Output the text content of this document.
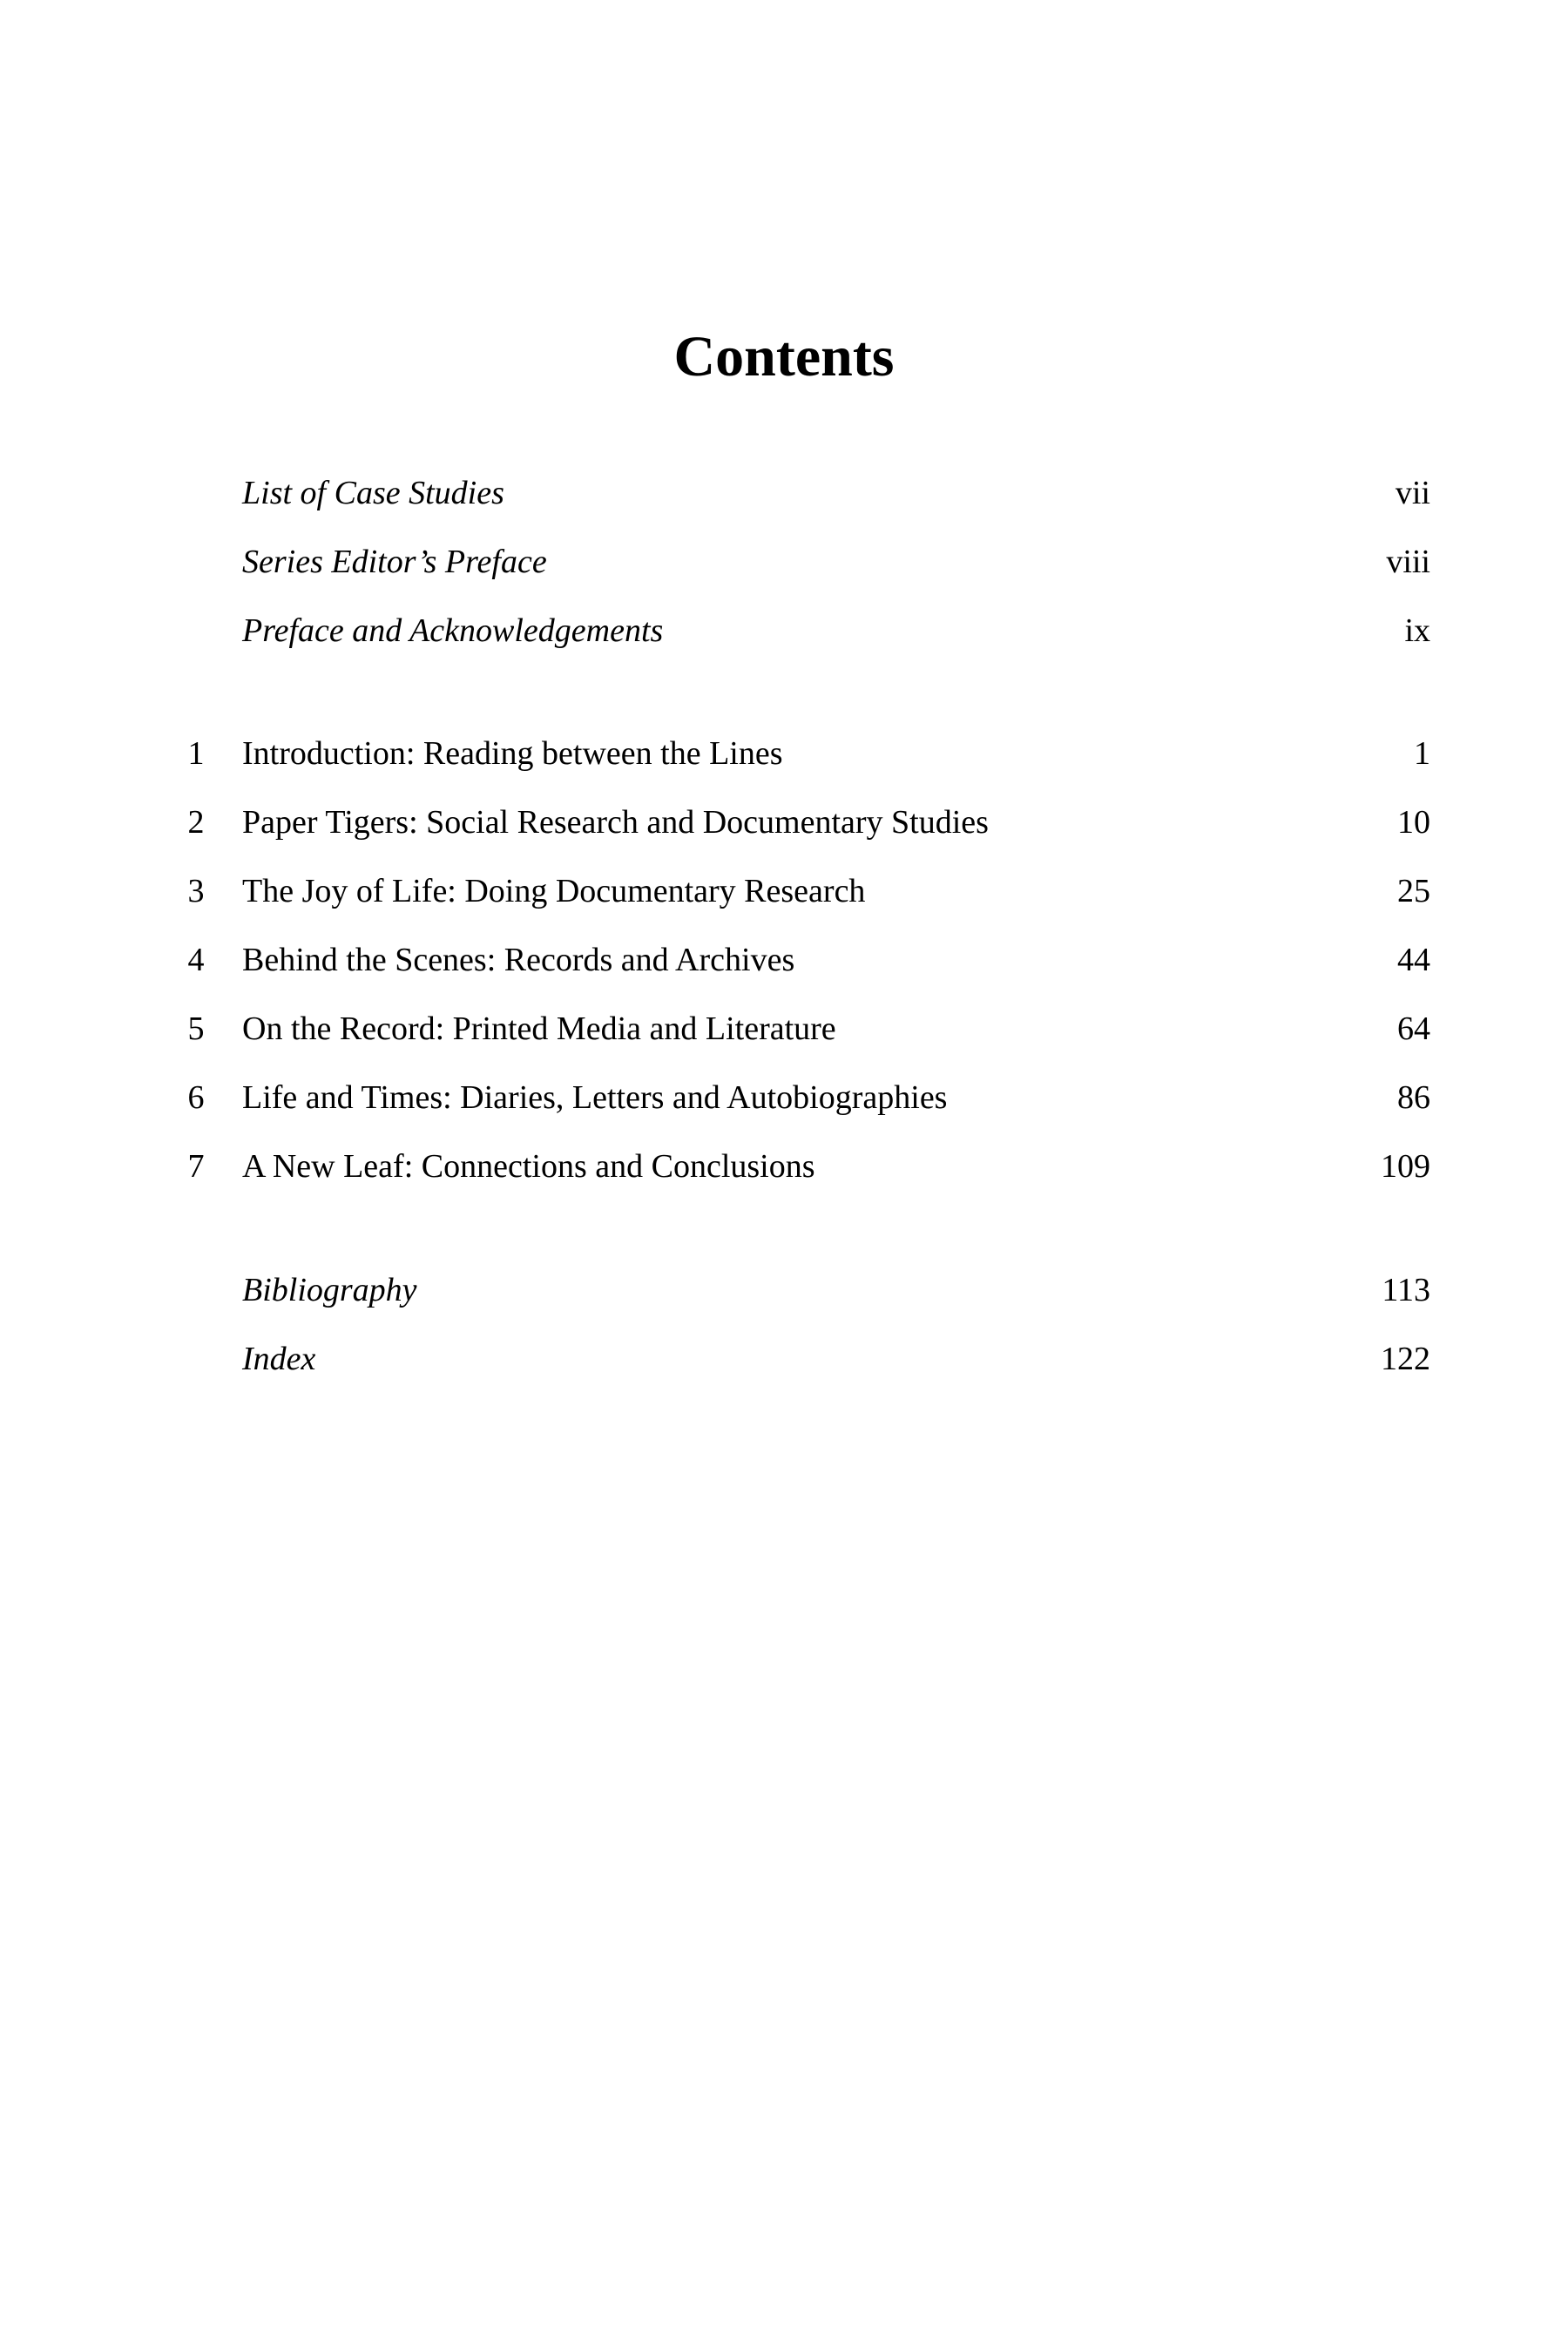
Contents
List of Case Studies	vii
Series Editor’s Preface	viii
Preface and Acknowledgements	ix
1	Introduction: Reading between the Lines	1
2	Paper Tigers: Social Research and Documentary Studies	10
3	The Joy of Life: Doing Documentary Research	25
4	Behind the Scenes: Records and Archives	44
5	On the Record: Printed Media and Literature	64
6	Life and Times: Diaries, Letters and Autobiographies	86
7	A New Leaf: Connections and Conclusions	109
Bibliography	113
Index	122
